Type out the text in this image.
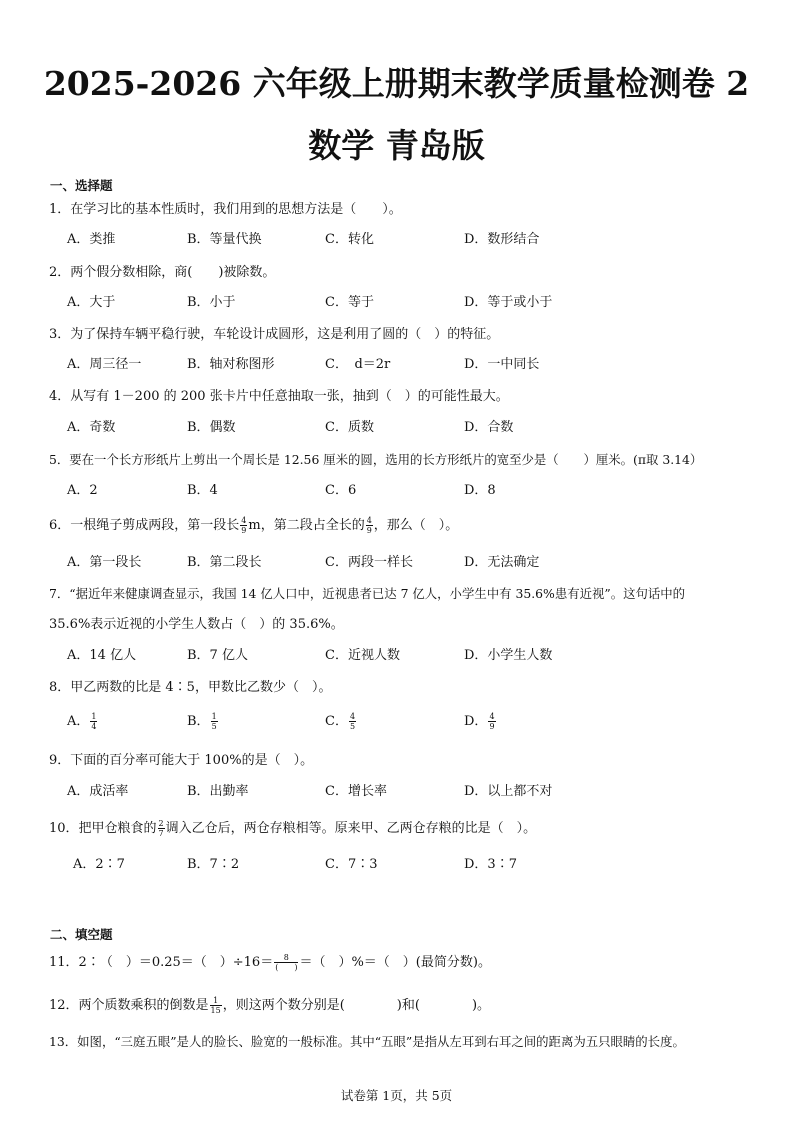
2025-2026 六年级上册期末教学质量检测卷 2
数学 青岛版
一、选择题
1．在学习比的基本性质时，我们用到的思想方法是（　　）。
A．类推	B．等量代换	C．转化	D．数形结合
2．两个假分数相除，商(　　)被除数。
A．大于	B．小于	C．等于	D．等于或小于
3．为了保持车辆平稳行驶，车轮设计成圆形，这是利用了圆的（　）的特征。
A．周三径一	B．轴对称图形	C．　d＝2r	D．一中同长
4．从写有 1－200 的 200 张卡片中任意抽取一张，抽到（　）的可能性最大。
A．奇数	B．偶数	C．质数	D．合数
5．要在一个长方形纸片上剪出一个周长是 12.56 厘米的圆，选用的长方形纸片的宽至少是（　　）厘米。(π取 3.14）
A．2	B．4	C．6	D．8
6．一根绳子剪成两段，第一段长 $\frac{4}{9}$ m，第二段占全长的 $\frac{4}{9}$ ，那么（　）。
A．第一段长	B．第二段长	C．两段一样长	D．无法确定
7．“据近年来健康调查显示，我国 14 亿人口中，近视患者已达 7 亿人，小学生中有 35.6%患有近视”。这句话中的
35.6%表示近视的小学生人数占（　）的 35.6%。
A．14 亿人	B．7 亿人	C．近视人数	D．小学生人数
8．甲乙两数的比是 4∶5，甲数比乙数少（　）。
A． $\frac{1}{4}$	B． $\frac{1}{5}$	C． $\frac{4}{5}$	D． $\frac{4}{9}$
9．下面的百分率可能大于 100%的是（　）。
A．成活率	B．出勤率	C．增长率	D．以上都不对
10．把甲仓粮食的 $\frac{2}{7}$ 调入乙仓后，两仓存粮相等。原来甲、乙两仓存粮的比是（　）。
A．2∶7	B．7∶2	C．7∶3	D．3∶7
二、填空题
11．2∶（　）＝0.25＝（　）$\div 16= \frac{8}{( )}$ ＝（　）%＝（　）(最简分数)。
12．两个质数乘积的倒数是 $\frac{1}{15}$ ，则这两个数分别是(　　　　)和(　　　　)。
13．如图，“三庭五眼”是人的脸长、脸宽的一般标准。其中“五眼”是指从左耳到右耳之间的距离为五只眼睛的长度。
试卷第 1页，共 5页
